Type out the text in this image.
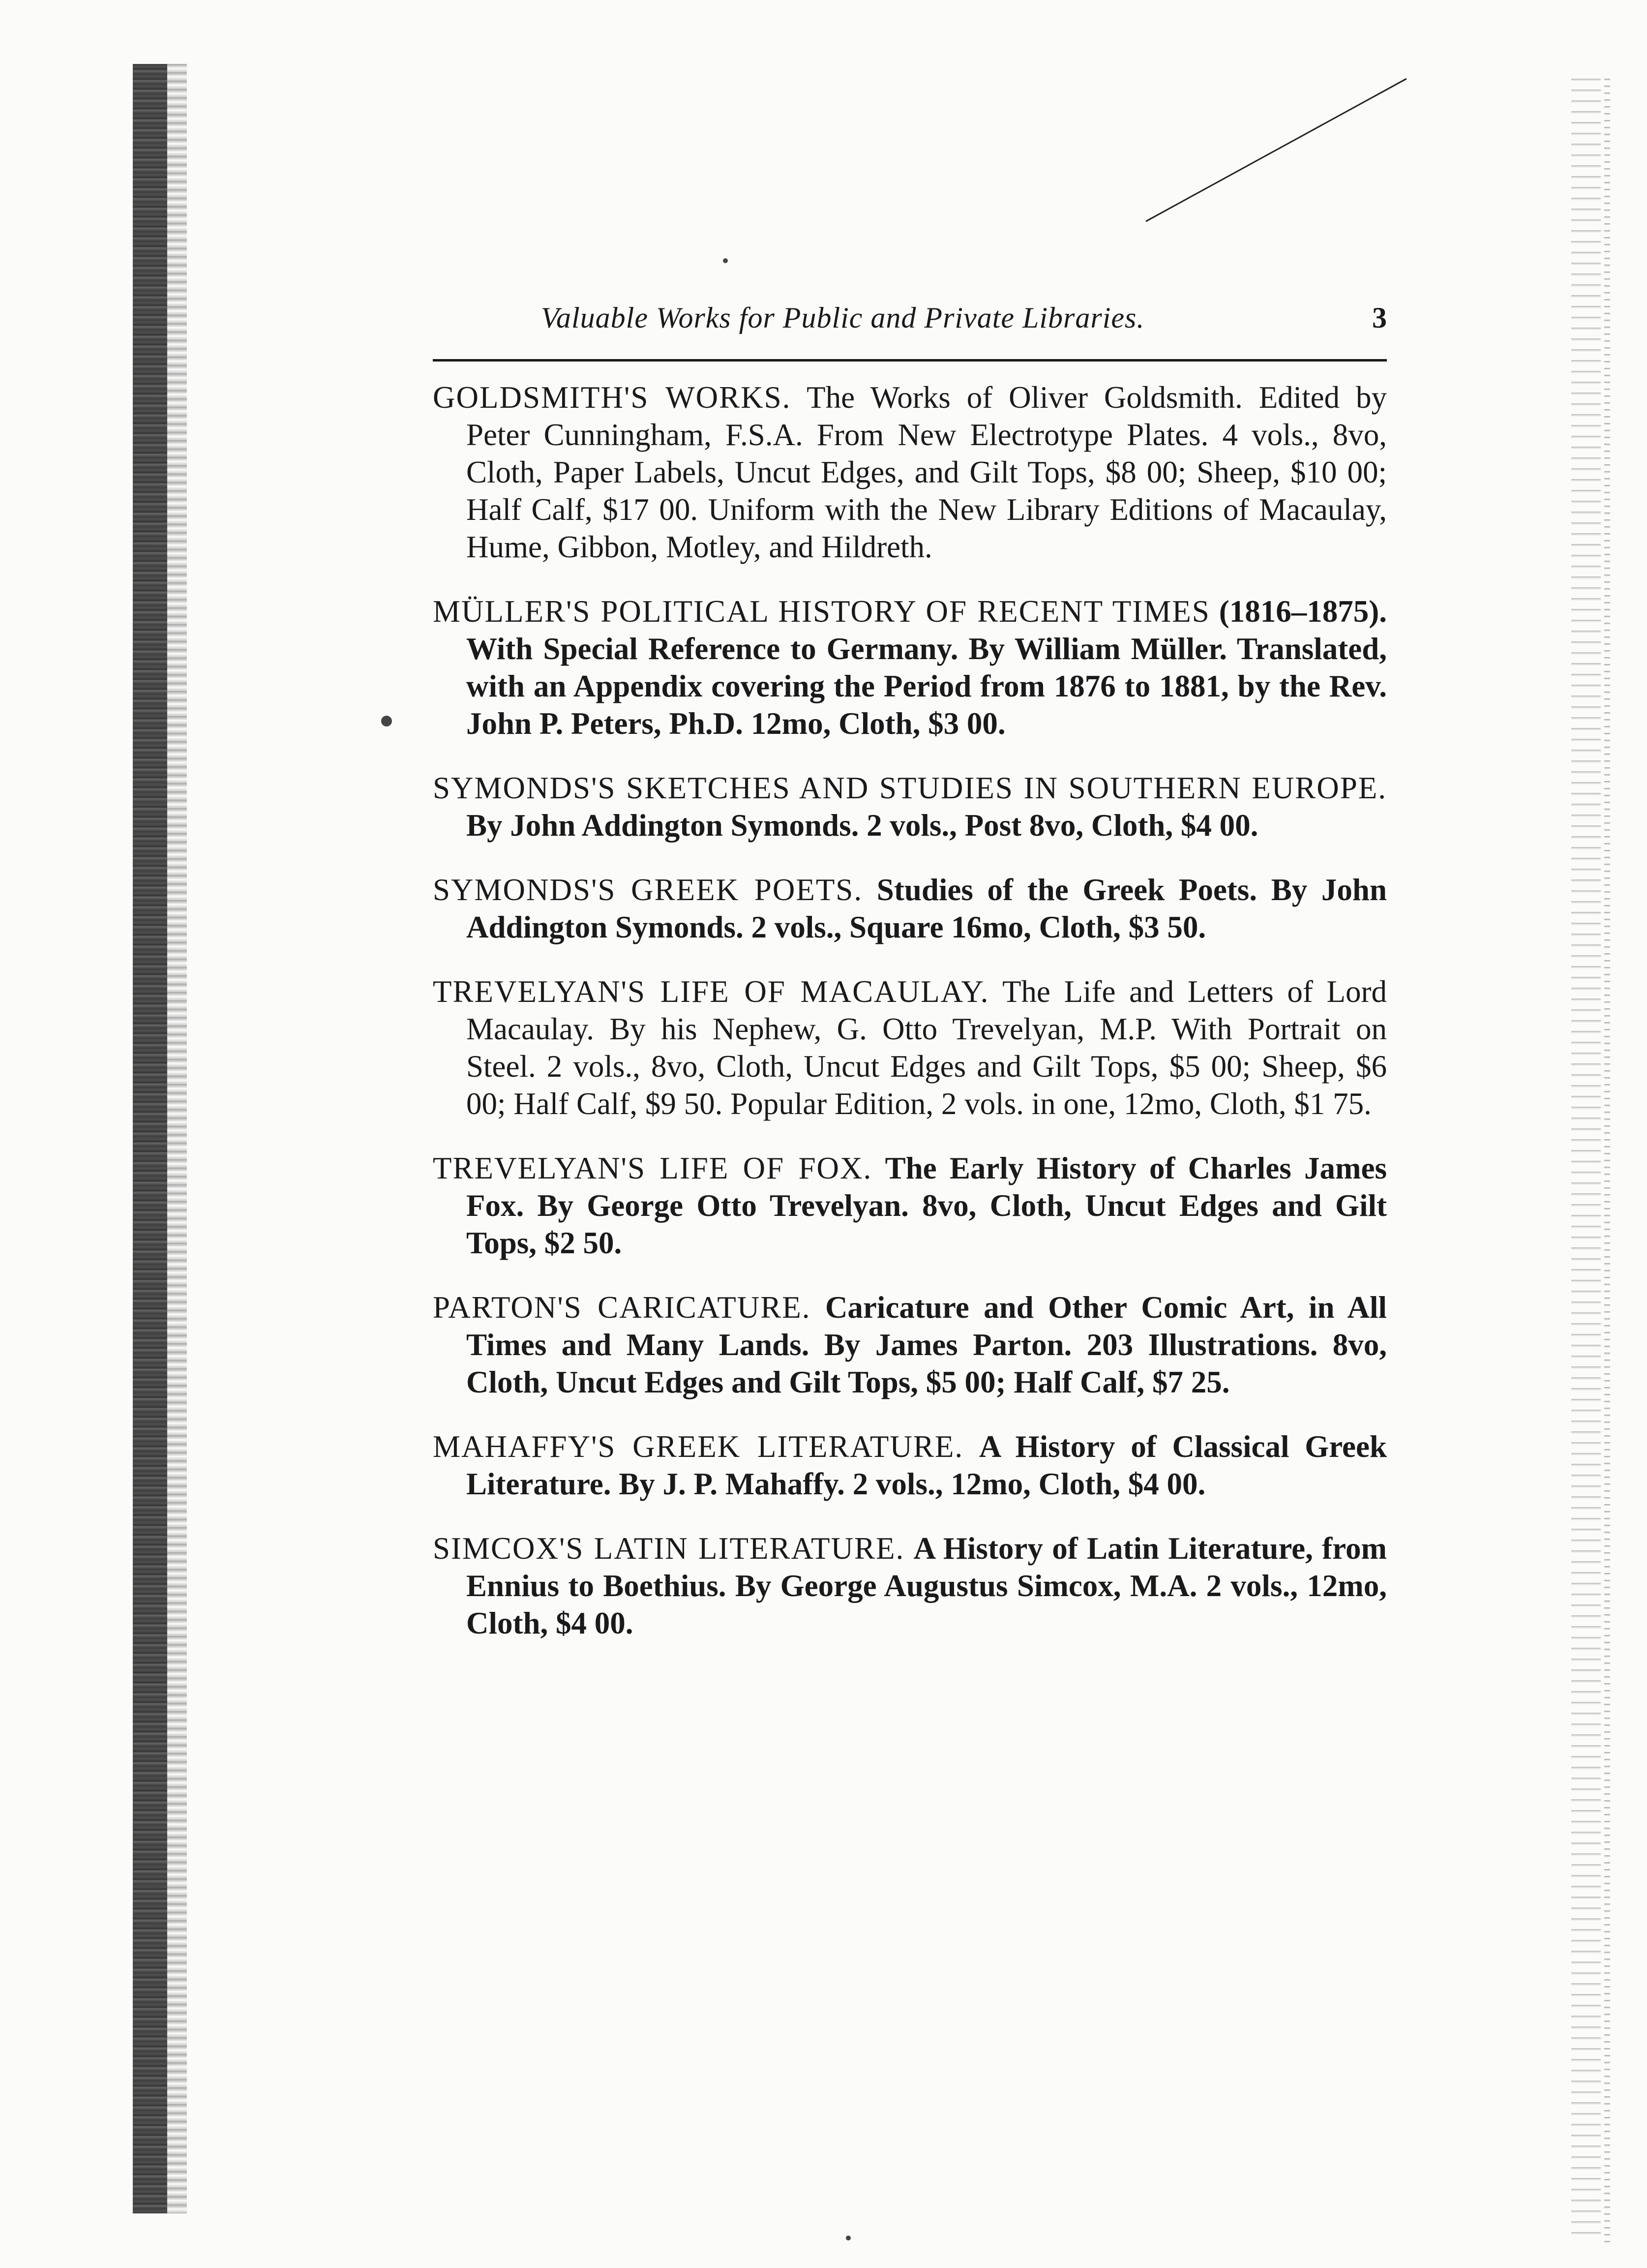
Valuable Works for Public and Private Libraries.	3
GOLDSMITH'S WORKS. The Works of Oliver Goldsmith. Edited by Peter Cunningham, F.S.A. From New Electrotype Plates. 4 vols., 8vo, Cloth, Paper Labels, Uncut Edges, and Gilt Tops, $8 00; Sheep, $10 00; Half Calf, $17 00. Uniform with the New Library Editions of Macaulay, Hume, Gibbon, Motley, and Hildreth.
MÜLLER'S POLITICAL HISTORY OF RECENT TIMES (1816–1875). With Special Reference to Germany. By William Müller. Translated, with an Appendix covering the Period from 1876 to 1881, by the Rev. John P. Peters, Ph.D. 12mo, Cloth, $3 00.
SYMONDS'S SKETCHES AND STUDIES IN SOUTHERN EUROPE. By John Addington Symonds. 2 vols., Post 8vo, Cloth, $4 00.
SYMONDS'S GREEK POETS. Studies of the Greek Poets. By John Addington Symonds. 2 vols., Square 16mo, Cloth, $3 50.
TREVELYAN'S LIFE OF MACAULAY. The Life and Letters of Lord Macaulay. By his Nephew, G. Otto Trevelyan, M.P. With Portrait on Steel. 2 vols., 8vo, Cloth, Uncut Edges and Gilt Tops, $5 00; Sheep, $6 00; Half Calf, $9 50. Popular Edition, 2 vols. in one, 12mo, Cloth, $1 75.
TREVELYAN'S LIFE OF FOX. The Early History of Charles James Fox. By George Otto Trevelyan. 8vo, Cloth, Uncut Edges and Gilt Tops, $2 50.
PARTON'S CARICATURE. Caricature and Other Comic Art, in All Times and Many Lands. By James Parton. 203 Illustrations. 8vo, Cloth, Uncut Edges and Gilt Tops, $5 00; Half Calf, $7 25.
MAHAFFY'S GREEK LITERATURE. A History of Classical Greek Literature. By J. P. Mahaffy. 2 vols., 12mo, Cloth, $4 00.
SIMCOX'S LATIN LITERATURE. A History of Latin Literature, from Ennius to Boethius. By George Augustus Simcox, M.A. 2 vols., 12mo, Cloth, $4 00.
